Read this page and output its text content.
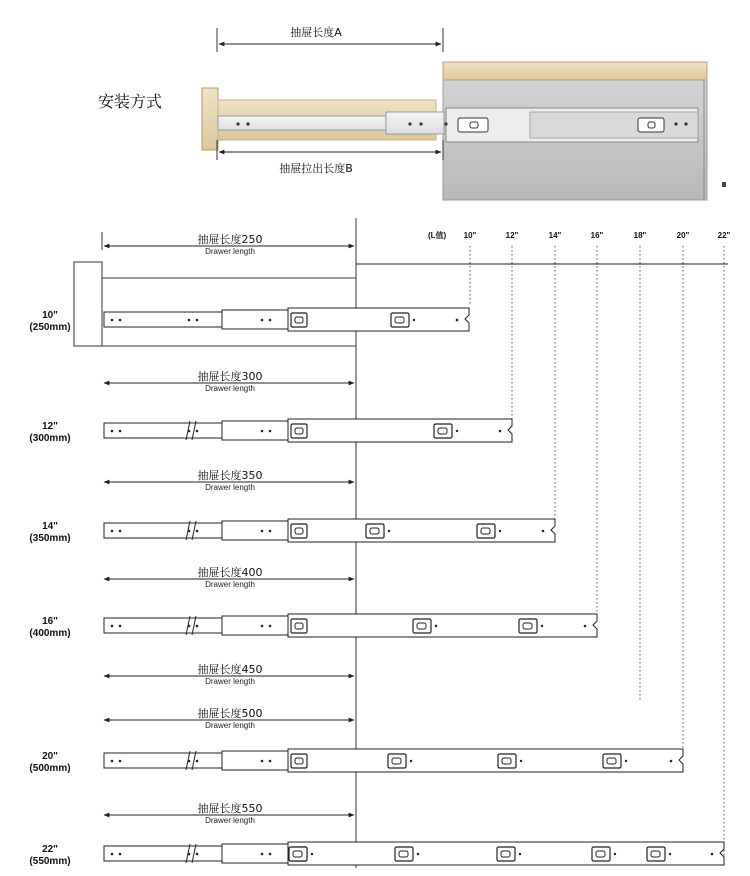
安装方式
抽屉长度A
抽屉拉出长度B
(L值) 10"	12"	14"	16"	18"	20"	22"
抽屉长度250
Drawer length
10"
(250mm)
抽屉长度300
Drawer length
12"
(300mm)
抽屉长度350
Drawer length
14"
(350mm)
抽屉长度400
Drawer length
16"
(400mm)
抽屉长度450
Drawer length
抽屉长度500
Drawer length
20"
(500mm)
抽屉长度550
Drawer length
22"
(550mm)
